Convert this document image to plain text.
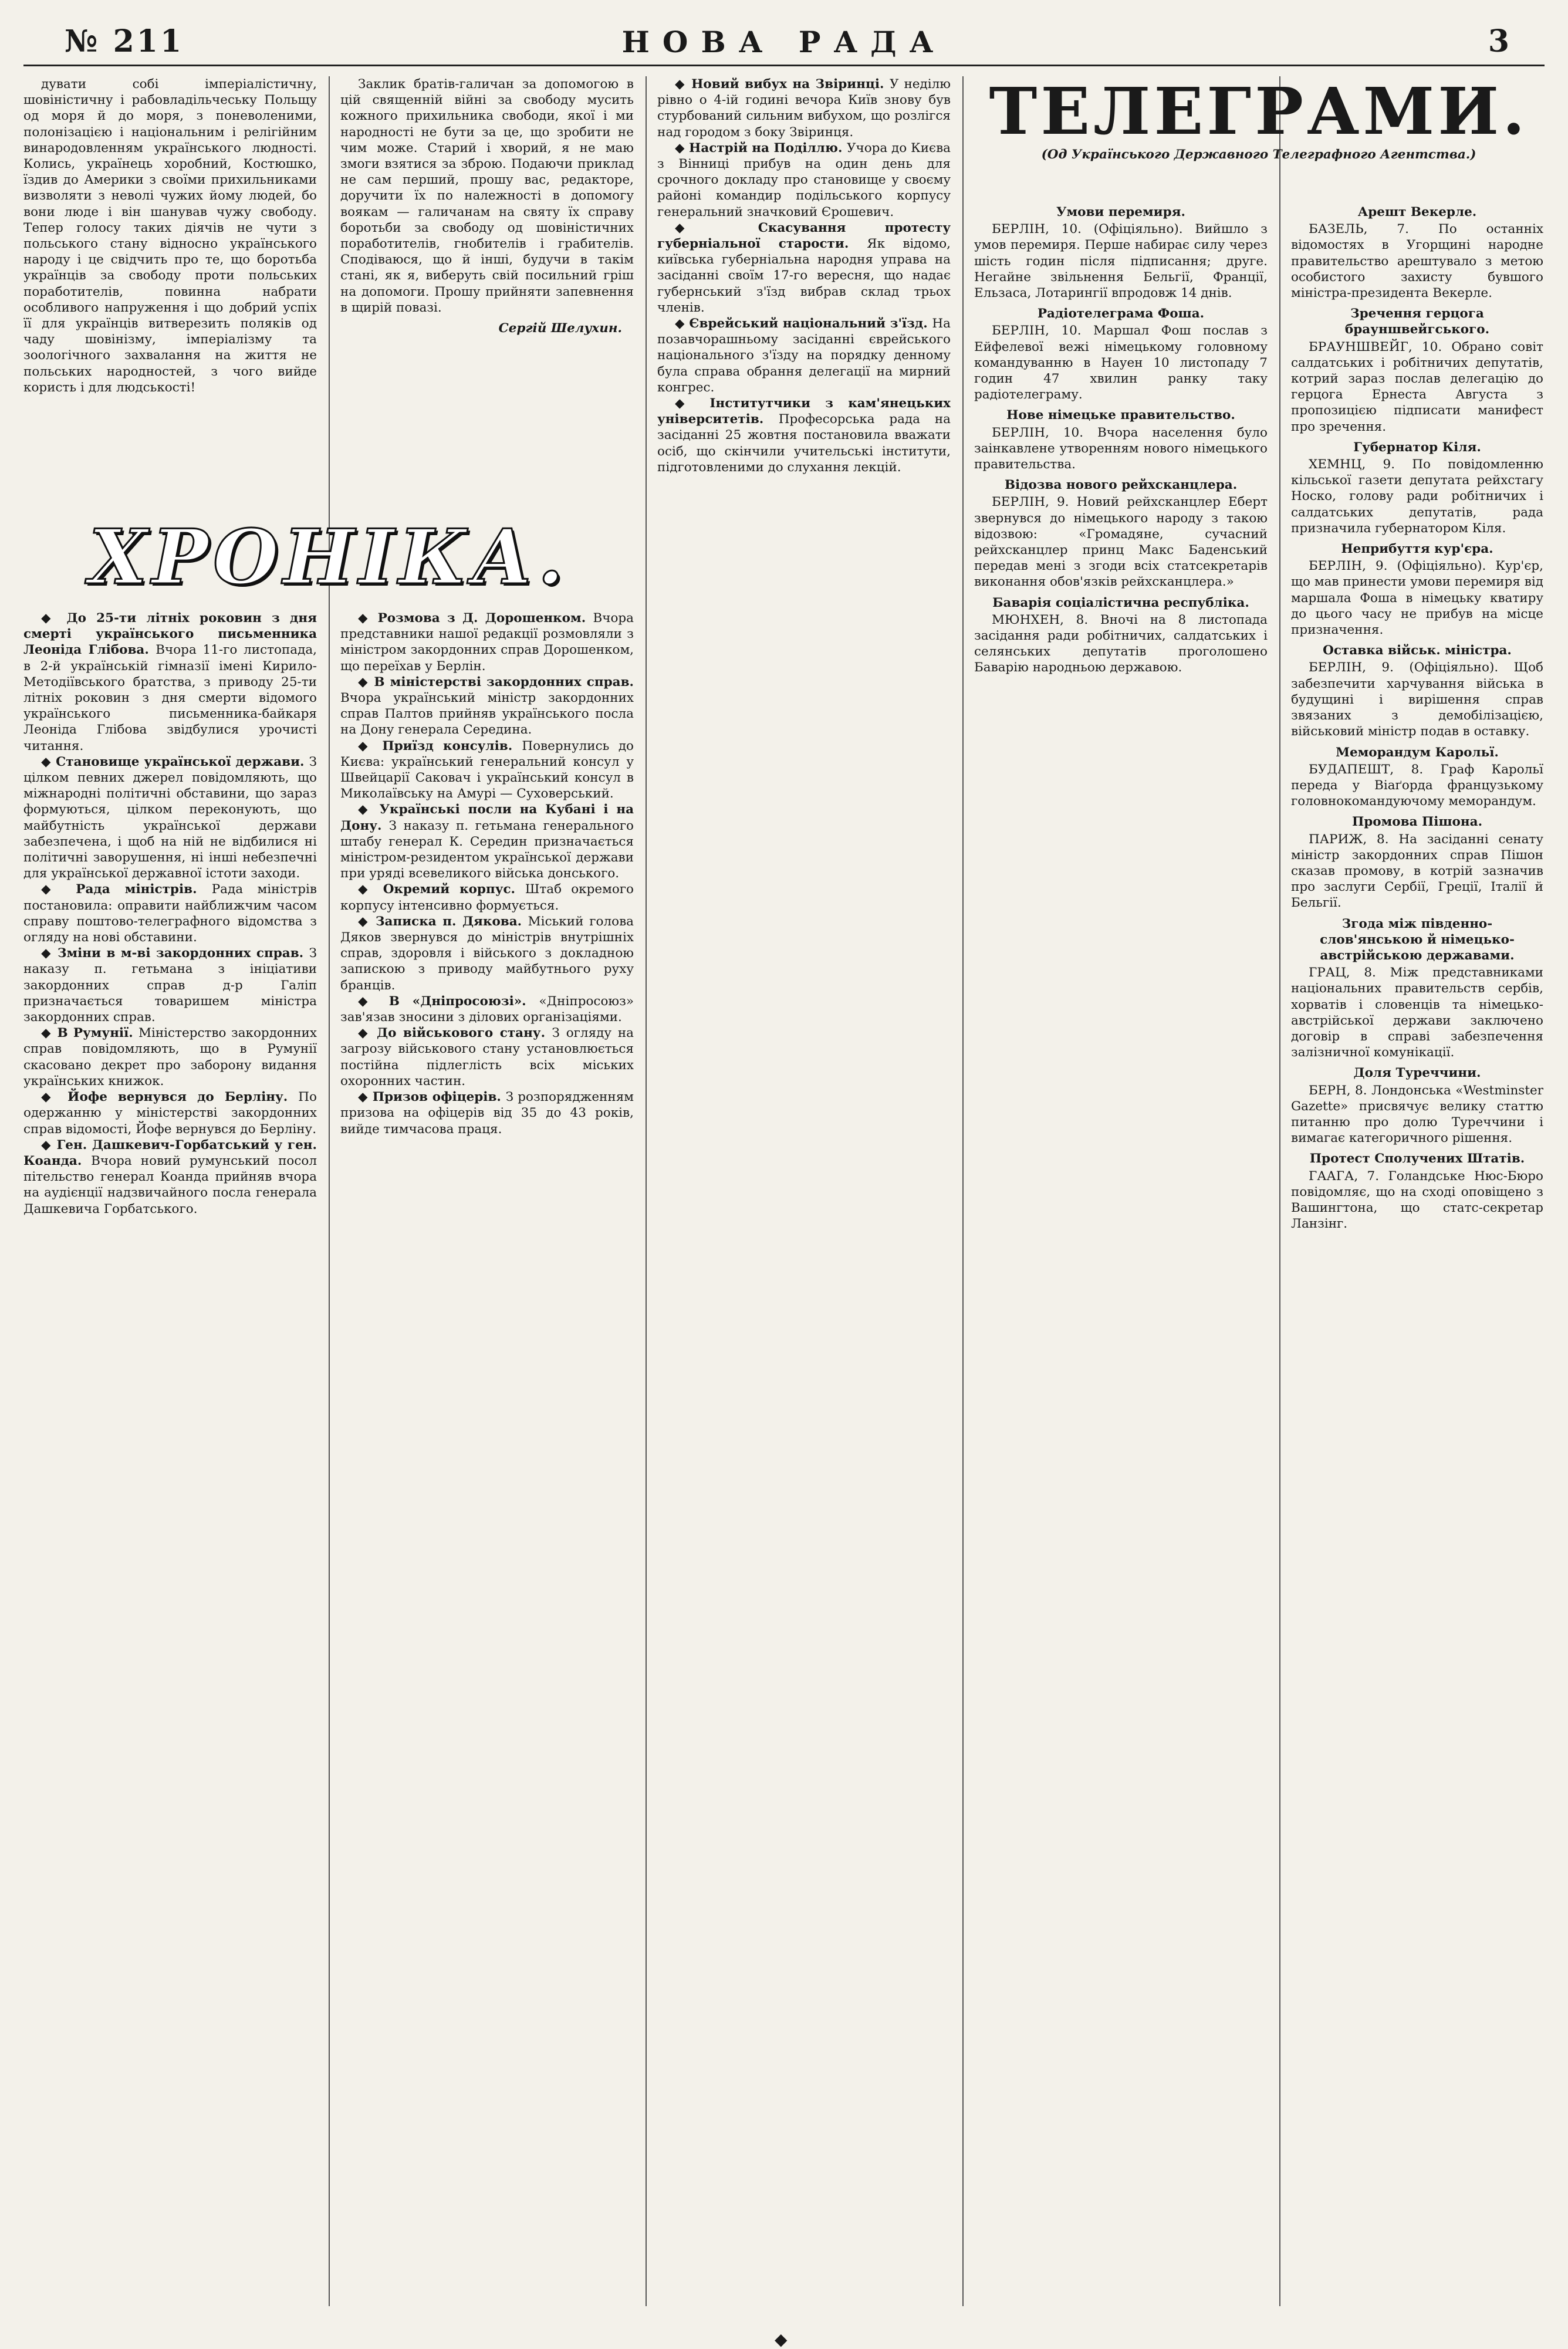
№ 211	НОВА РАДА	3

дувати собі імперіалістичну, шовіністичну і рабовладільчеську Польщу од моря й до моря, з поневоленими, полонізацією і національним і релігійним винародовленням українського людності. Колись, українець хоробний, Костюшко, їздив до Америки з своїми прихильниками визволяти з неволі чужих йому людей, бо вони люде і він шанував чужу свободу. Тепер голосу таких діячів не чути з польського стану відносно українського народу і це свідчить про те, що боротьба українців за свободу проти польських поработителів, повинна набрати особливого напруження і що добрий успіх її для українців витверезить поляків од чаду шовінізму, імперіалізму та зоологічного захвалання на життя не польських народностей, з чого вийде користь і для людськості!

Заклик братів-галичан за допомогою в цій священній війні за свободу мусить кожного прихильника свободи, якої і ми народності не бути за це, що зробити не чим може. Старий і хворий, я не маю змоги взятися за зброю. Подаючи приклад не сам перший, прошу вас, редакторе, доручити їх по належності в допомогу воякам — галичанам на святу їх справу боротьби за свободу од шовіністичних поработителів, гнобителів і грабителів. Сподіваюся, що й інші, будучи в такім стані, як я, виберуть свій посильний гріш на допомоги. Прошу прийняти запевнення в щирій повазі.

Сергій Шелухин.
ХРОНІКА.

◆ До 25-ти літніх роковин з дня смерті українського письменника Леоніда Глібова. Вчора 11-го листопада, в 2-й українській гімназії імені Кирило-Методіївського братства, з приводу 25-ти літніх роковин з дня смерти відомого українського письменника-байкаря Леоніда Глібова звідбулися урочисті читання.

◆ Становище української держави. З цілком певних джерел повідомляють, що міжнародні політичні обставини, що зараз формуються, цілком переконують, що майбутність української держави забезпечена, і щоб на ній не відбилися ні політичні заворушення, ні інші небезпечні для української державної істоти заходи.

◆ Рада міністрів. Рада міністрів постановила: оправити найближчим часом справу поштово-телеграфного відомства з огляду на нові обставини.

◆ Зміни в м-ві закордонних справ. З наказу п. гетьмана з ініціативи закордонних справ д-р Галіп призначається товаришем міністра закордонних справ.

◆ В Румунії. Міністерство закордонних справ повідомляють, що в Румунії скасовано декрет про заборону видання українських книжок.

◆ Йофе вернувся до Берліну. По одержанню у міністерстві закордонних справ відомості, Йофе вернувся до Берліну.

◆ Ген. Дашкевич-Горбатський у ген. Коанда. Вчора новий румунський посол пітельство генерал Коанда прийняв вчора на аудієнції надзвичайного посла генерала Дашкевича Горбатського.

◆ Розмова з Д. Дорошенком. Вчора представники нашої редакції розмовляли з міністром закордонних справ Дорошенком, що переїхав у Берлін.

◆ В міністерстві закордонних справ. Вчора український міністр закордонних справ Палтов прийняв українського посла на Дону генерала Середина.

◆ Приїзд консулів. Повернулись до Києва: український генеральний консул у Швейцарії Саковач і український консул в Миколаївську на Амурі — Суховерський.

◆ Українські посли на Кубані і на Дону. З наказу п. гетьмана генерального штабу генерал К. Середин призначається міністром-резидентом української держави при уряді всевеликого війська донського.

◆ Окремий корпус. Штаб окремого корпусу інтенсивно формується.

◆ Записка п. Дякова. Міський голова Дяков звернувся до міністрів внутрішніх справ, здоровля і війського з докладною запискою з приводу майбутнього руху бранців.

◆ В «Дніпросоюзі». «Дніпросоюз» зав'язав зносини з ділових організаціями.

◆ До військового стану. З огляду на загрозу військового стану установлюється постійна підлеглість всіх міських охоронних частин.

◆ Призов офіцерів. З розпорядженням призова на офіцерів від 35 до 43 років, вийде тимчасова праця.

◆ Новий вибух на Звіринці. У неділю рівно о 4-ій годині вечора Київ знову був стурбований сильним вибухом, що розлігся над городом з боку Звіринця.

◆ Настрій на Поділлю. Учора до Києва з Вінниці прибув на один день для срочного докладу про становище у своєму районі командир подільського корпусу генеральний значковий Єрошевич.

◆ Скасування протесту губерніальної старости. Як відомо, київська губерніальна народня управа на засіданні своїм 17-го вересня, що надає губернський з'їзд вибрав склад трьох членів.

◆ Єврейський національний з'їзд. На позавчорашньому засіданні єврейського національного з'їзду на порядку денному була справа обрання делегації на мирний конгрес.

◆ Інститутчики з кам'янецьких університетів. Професорська рада на засіданні 25 жовтня постановила вважати осіб, що скінчили учительські інститути, підготовленими до слухання лекцій.

ТЕЛЕГРАМИ.
(Од Українського Державного Телеграфного Агентства.)
Умови перемиря.

БЕРЛІН, 10. (Офіціяльно). Вийшло з умов перемиря. Перше набирає силу через шість годин після підписання; друге. Негайне звільнення Бельгії, Франції, Ельзаса, Лотарингії впродовж 14 днів.

Радіотелеграма Фоша.

БЕРЛІН, 10. Маршал Фош послав з Ейфелевої вежі німецькому головному командуванню в Науен 10 листопаду 7 годин 47 хвилин ранку таку радіотелеграму.

Нове німецьке правительство.

БЕРЛІН, 10. Вчора населення було заінкавлене утворенням нового німецького правительства.

Відозва нового рейхсканцлера.

БЕРЛІН, 9. Новий рейхсканцлер Еберт звернувся до німецького народу з такою відозвою: «Громадяне, сучасний рейхсканцлер принц Макс Баденський передав мені з згоди всіх статсекретарів виконання обов'язків рейхсканцлера.»

Баварія соціалістична республіка.

МЮНХЕН, 8. Вночі на 8 листопада засідання ради робітничих, салдатських і селянських депутатів проголошено Баварію народньою державою.

Арешт Векерле.

БАЗЕЛЬ, 7. По останніх відомостях в Угорщині народне правительство арештувало з метою особистого захисту бувшого міністра-президента Векерле.

Зречення герцога брауншвейгського.

БРАУНШВЕЙГ, 10. Обрано совіт салдатських і робітничих депутатів, котрий зараз послав делегацію до герцога Ернеста Августа з пропозицією підписати манифест про зречення.

Губернатор Кіля.

ХЕМНЦ, 9. По повідомленню кільської газети депутата рейхстагу Носко, голову ради робітничих і салдатських депутатів, рада призначила губернатором Кіля.

Неприбуття кур'єра.

БЕРЛІН, 9. (Офіціяльно). Кур'єр, що мав принести умови перемиря від маршала Фоша в німецьку кватиру до цього часу не прибув на місце призначення.

Оставка військ. міністра.

БЕРЛІН, 9. (Офіціяльно). Щоб забезпечити харчування війська в будущині і вирішення справ звязаних з демобілізацією, військовий міністр подав в оставку.

Меморандум Карольї.

БУДАПЕШТ, 8. Граф Карольї переда у Віаґорда французькому головнокомандуючому меморандум.

Промова Пішона.

ПАРИЖ, 8. На засіданні сенату міністр закордонних справ Пішон сказав промову, в котрій зазначив про заслуги Сербії, Греції, Італії й Бельгії.

Згода між південно-слов'янською й німецько-австрійською державами.

ГРАЦ, 8. Між представниками національних правительств сербів, хорватів і словенців та німецько-австрійської держави заключено договір в справі забезпечення залізничної комунікації.

Доля Туреччини.

БЕРН, 8. Лондонська «Westminster Gazette» присвячує велику статтю питанню про долю Туреччини і вимагає категоричного рішення.

Протест Сполучених Штатів.

ГААГА, 7. Голандське Нюс-Бюро повідомляє, що на сході оповіщено з Вашингтона, що статс-секретар Ланзінг.

◆
